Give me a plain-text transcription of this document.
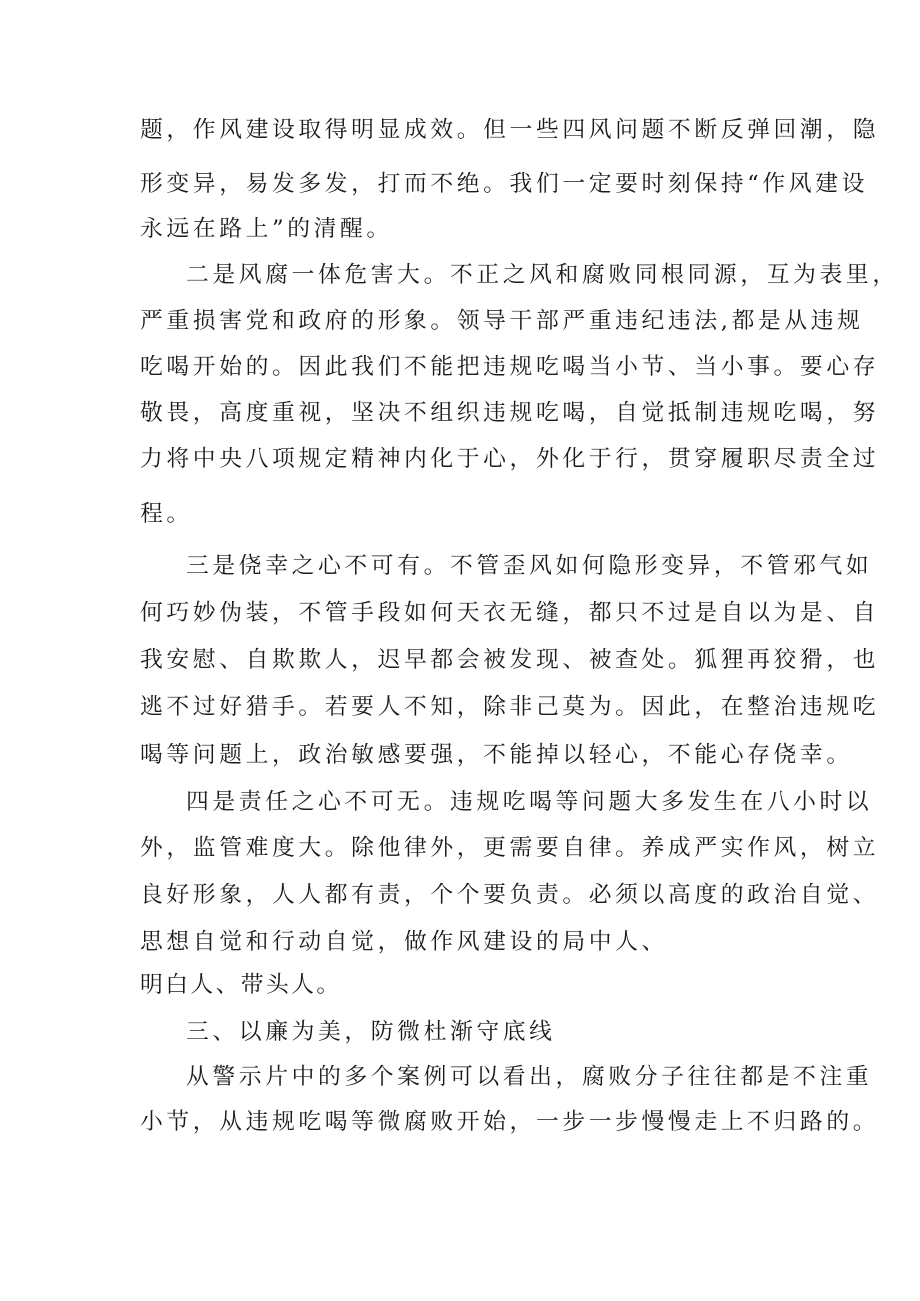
题，作风建设取得明显成效。但一些四风问题不断反弹回潮，隐

形变异，易发多发，打而不绝。我们一定要时刻保持“作风建设

永远在路上”的清醒。

二是风腐一体危害大。不正之风和腐败同根同源，互为表里，

严重损害党和政府的形象。领导干部严重违纪违法,都是从违规

吃喝开始的。因此我们不能把违规吃喝当小节、当小事。要心存

敬畏，高度重视，坚决不组织违规吃喝，自觉抵制违规吃喝，努

力将中央八项规定精神内化于心，外化于行，贯穿履职尽责全过

程。

三是侥幸之心不可有。不管歪风如何隐形变异，不管邪气如

何巧妙伪装，不管手段如何天衣无缝，都只不过是自以为是、自

我安慰、自欺欺人，迟早都会被发现、被查处。狐狸再狡猾，也

逃不过好猎手。若要人不知，除非己莫为。因此，在整治违规吃

喝等问题上，政治敏感要强，不能掉以轻心，不能心存侥幸。

四是责任之心不可无。违规吃喝等问题大多发生在八小时以

外，监管难度大。除他律外，更需要自律。养成严实作风，树立

良好形象，人人都有责，个个要负责。必须以高度的政治自觉、

思想自觉和行动自觉，做作风建设的局中人、

明白人、带头人。

三、以廉为美，防微杜渐守底线

从警示片中的多个案例可以看出，腐败分子往往都是不注重

小节，从违规吃喝等微腐败开始，一步一步慢慢走上不归路的。
